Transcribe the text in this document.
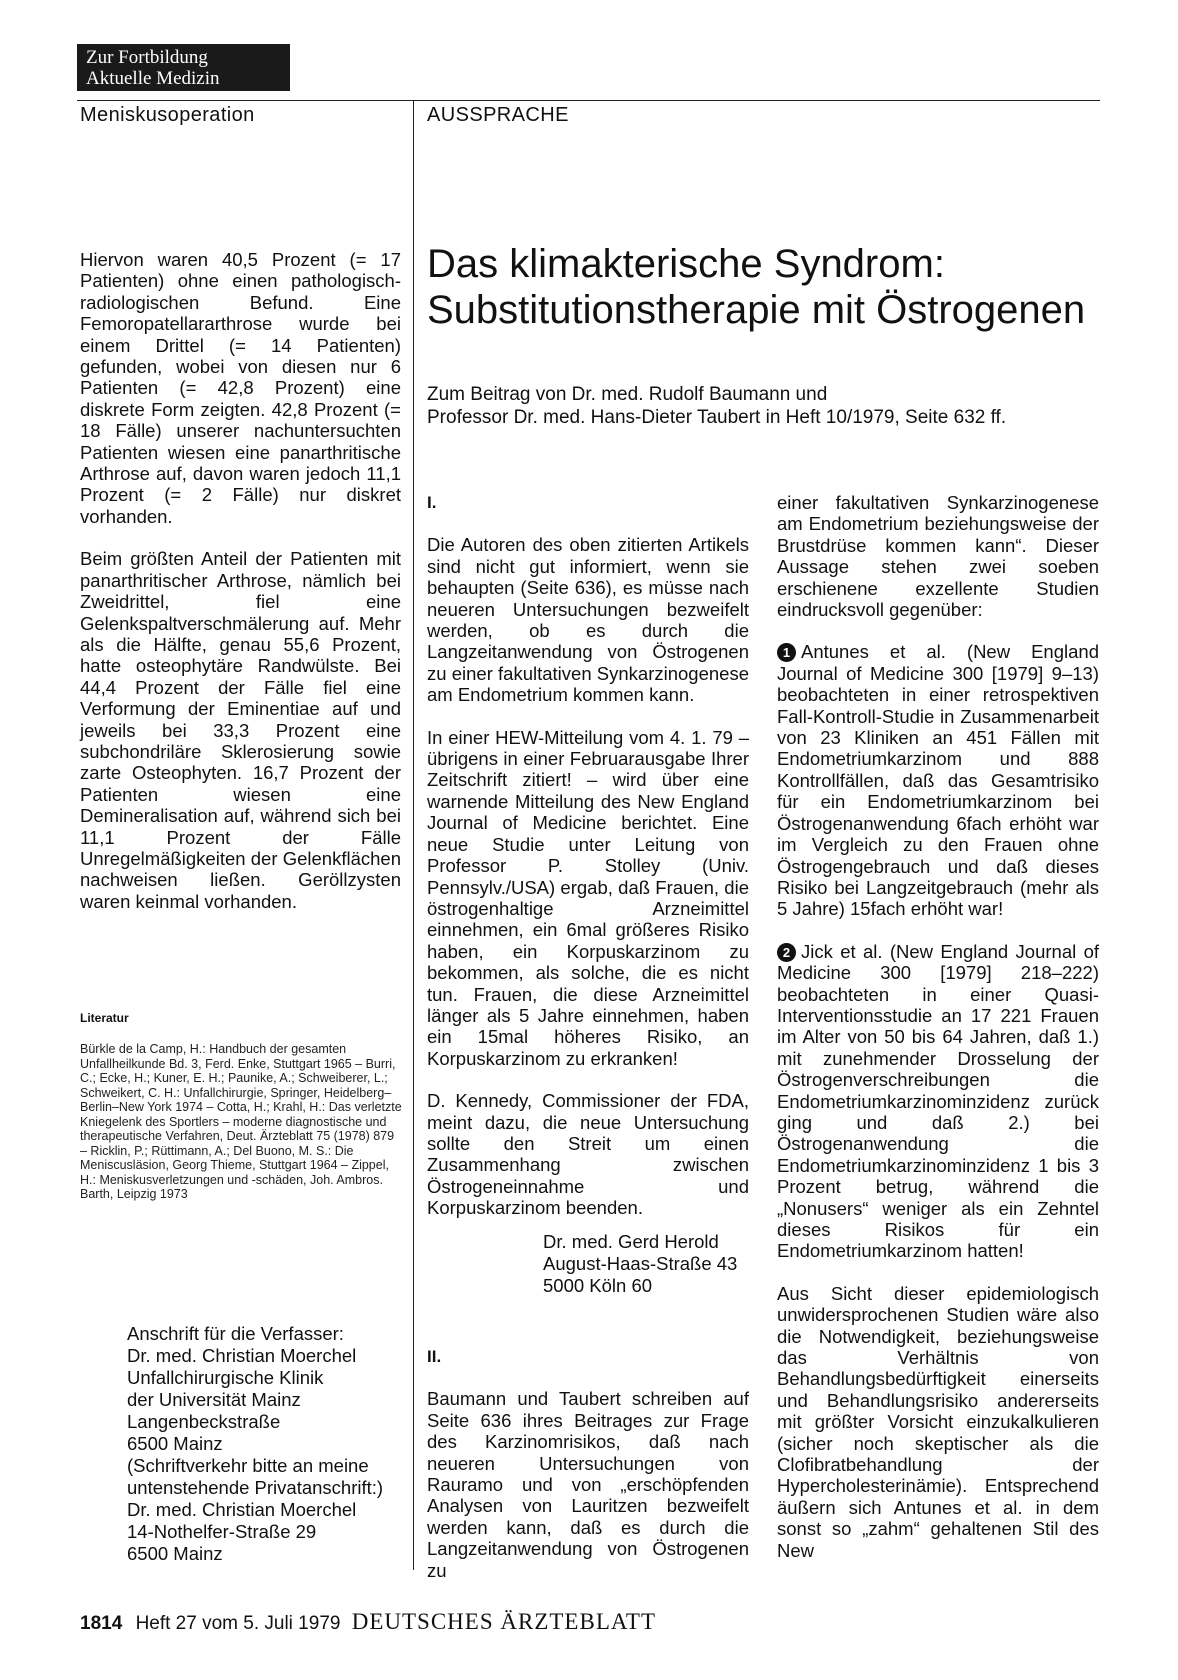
Zur Fortbildung
Aktuelle Medizin
Meniskusoperation	AUSSPRACHE

Hiervon waren 40,5 Prozent (= 17 Patienten) ohne einen pathologisch-radiologischen Befund. Eine Femoropatellararthrose wurde bei einem Drittel (= 14 Patienten) gefunden, wobei von diesen nur 6 Patienten (= 42,8 Prozent) eine diskrete Form zeigten. 42,8 Prozent (= 18 Fälle) unserer nachuntersuchten Patienten wiesen eine panarthritische Arthrose auf, davon waren jedoch 11,1 Prozent (= 2 Fälle) nur diskret vorhanden.

Beim größten Anteil der Patienten mit panarthritischer Arthrose, nämlich bei Zweidrittel, fiel eine Gelenkspaltverschmälerung auf. Mehr als die Hälfte, genau 55,6 Prozent, hatte osteophytäre Randwülste. Bei 44,4 Prozent der Fälle fiel eine Verformung der Eminentiae auf und jeweils bei 33,3 Prozent eine subchondriläre Sklerosierung sowie zarte Osteophyten. 16,7 Prozent der Patienten wiesen eine Demineralisation auf, während sich bei 11,1 Prozent der Fälle Unregelmäßigkeiten der Gelenkflächen nachweisen ließen. Geröllzysten waren keinmal vorhanden.

Literatur
Bürkle de la Camp, H.: Handbuch der gesamten Unfallheilkunde Bd. 3, Ferd. Enke, Stuttgart 1965 – Burri, C.; Ecke, H.; Kuner, E. H.; Paunike, A.; Schweiberer, L.; Schweikert, C. H.: Unfallchirurgie, Springer, Heidelberg–Berlin–New York 1974 – Cotta, H.; Krahl, H.: Das verletzte Kniegelenk des Sportlers – moderne diagnostische und therapeutische Verfahren, Deut. Ärzteblatt 75 (1978) 879 – Ricklin, P.; Rüttimann, A.; Del Buono, M. S.: Die Meniscusläsion, Georg Thieme, Stuttgart 1964 – Zippel, H.: Meniskusverletzungen und -schäden, Joh. Ambros. Barth, Leipzig 1973
Anschrift für die Verfasser:
Dr. med. Christian Moerchel
Unfallchirurgische Klinik
der Universität Mainz
Langenbeckstraße
6500 Mainz
(Schriftverkehr bitte an meine
untenstehende Privatanschrift:)
Dr. med. Christian Moerchel
14-Nothelfer-Straße 29
6500 Mainz
Das klimakterische Syndrom:
Substitutionstherapie mit Östrogenen
Zum Beitrag von Dr. med. Rudolf Baumann und
Professor Dr. med. Hans-Dieter Taubert in Heft 10/1979, Seite 632 ff.

I.

Die Autoren des oben zitierten Artikels sind nicht gut informiert, wenn sie behaupten (Seite 636), es müsse nach neueren Untersuchungen bezweifelt werden, ob es durch die Langzeitanwendung von Östrogenen zu einer fakultativen Synkarzinogenese am Endometrium kommen kann.

In einer HEW-Mitteilung vom 4. 1. 79 – übrigens in einer Februarausgabe Ihrer Zeitschrift zitiert! – wird über eine warnende Mitteilung des New England Journal of Medicine berichtet. Eine neue Studie unter Leitung von Professor P. Stolley (Univ. Pennsylv./USA) ergab, daß Frauen, die östrogenhaltige Arzneimittel einnehmen, ein 6mal größeres Risiko haben, ein Korpuskarzinom zu bekommen, als solche, die es nicht tun. Frauen, die diese Arzneimittel länger als 5 Jahre einnehmen, haben ein 15mal höheres Risiko, an Korpuskarzinom zu erkranken!

D. Kennedy, Commissioner der FDA, meint dazu, die neue Untersuchung sollte den Streit um einen Zusammenhang zwischen Östrogeneinnahme und Korpuskarzinom beenden.

Dr. med. Gerd Herold
August-Haas-Straße 43
5000 Köln 60

II.

Baumann und Taubert schreiben auf Seite 636 ihres Beitrages zur Frage des Karzinomrisikos, daß nach neueren Untersuchungen von Rauramo und von „erschöpfenden Analysen von Lauritzen bezweifelt werden kann, daß es durch die Langzeitanwendung von Östrogenen zu

einer fakultativen Synkarzinogenese am Endometrium beziehungsweise der Brustdrüse kommen kann“. Dieser Aussage stehen zwei soeben erschienene exzellente Studien eindrucksvoll gegenüber:

1 Antunes et al. (New England Journal of Medicine 300 [1979] 9–13) beobachteten in einer retrospektiven Fall-Kontroll-Studie in Zusammenarbeit von 23 Kliniken an 451 Fällen mit Endometriumkarzinom und 888 Kontrollfällen, daß das Gesamtrisiko für ein Endometriumkarzinom bei Östrogenanwendung 6fach erhöht war im Vergleich zu den Frauen ohne Östrogengebrauch und daß dieses Risiko bei Langzeitgebrauch (mehr als 5 Jahre) 15fach erhöht war!

2 Jick et al. (New England Journal of Medicine 300 [1979] 218–222) beobachteten in einer Quasi-Interventionsstudie an 17 221 Frauen im Alter von 50 bis 64 Jahren, daß 1.) mit zunehmender Drosselung der Östrogenverschreibungen die Endometriumkarzinominzidenz zurück ging und daß 2.) bei Östrogenanwendung die Endometriumkarzinominzidenz 1 bis 3 Prozent betrug, während die „Nonusers“ weniger als ein Zehntel dieses Risikos für ein Endometriumkarzinom hatten!

Aus Sicht dieser epidemiologisch unwidersprochenen Studien wäre also die Notwendigkeit, beziehungsweise das Verhältnis von Behandlungsbedürftigkeit einerseits und Behandlungsrisiko andererseits mit größter Vorsicht einzukalkulieren (sicher noch skeptischer als die Clofibratbehandlung der Hypercholesterinämie). Entsprechend äußern sich Antunes et al. in dem sonst so „zahm“ gehaltenen Stil des New

1814 Heft 27 vom 5. Juli 1979 DEUTSCHES ÄRZTEBLATT
